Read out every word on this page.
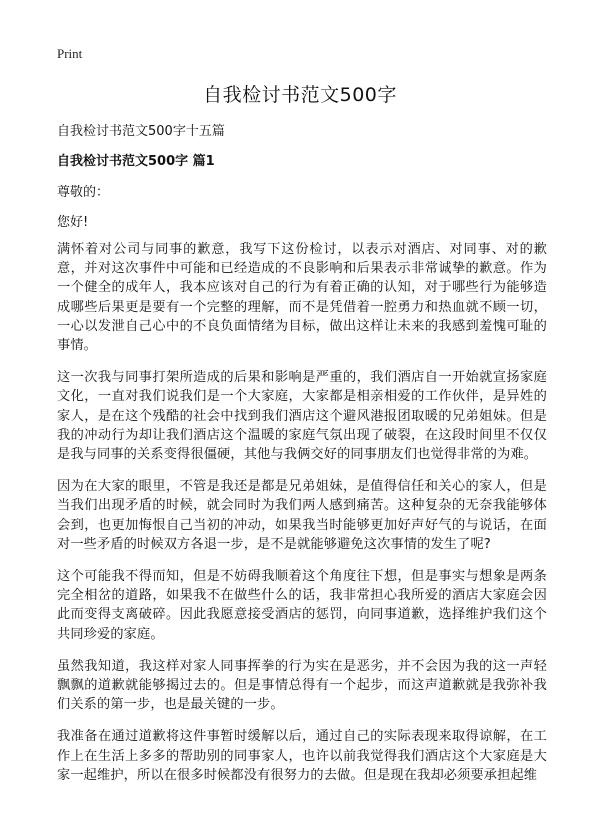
Print
自我检讨书范文500字

自我检讨书范文500字十五篇

自我检讨书范文500字 篇1

尊敬的：

您好!

满怀着对公司与同事的歉意，我写下这份检讨，以表示对酒店、对同事、对的歉意，并对这次事件中可能和已经造成的不良影响和后果表示非常诚挚的歉意。作为一个健全的成年人，我本应该对自己的行为有着正确的认知，对于哪些行为能够造成哪些后果更是要有一个完整的理解，而不是凭借着一腔勇力和热血就不顾一切，一心以发泄自己心中的不良负面情绪为目标，做出这样让未来的我感到羞愧可耻的事情。

这一次我与同事打架所造成的后果和影响是严重的，我们酒店自一开始就宣扬家庭文化，一直对我们说我们是一个大家庭，大家都是相亲相爱的工作伙伴，是异姓的家人，是在这个残酷的社会中找到我们酒店这个避风港报团取暖的兄弟姐妹。但是我的冲动行为却让我们酒店这个温暖的家庭气氛出现了破裂，在这段时间里不仅仅是我与同事的关系变得很僵硬，其他与我俩交好的同事朋友们也觉得非常的为难。

因为在大家的眼里，不管是我还是都是兄弟姐妹，是值得信任和关心的家人，但是当我们出现矛盾的时候，就会同时为我们两人感到痛苦。这种复杂的无奈我能够体会到，也更加悔恨自己当初的冲动，如果我当时能够更加好声好气的与说话，在面对一些矛盾的时候双方各退一步，是不是就能够避免这次事情的发生了呢?

这个可能我不得而知，但是不妨碍我顺着这个角度往下想，但是事实与想象是两条完全相岔的道路，如果我不在做些什么的话，我非常担心我所爱的酒店大家庭会因此而变得支离破碎。因此我愿意接受酒店的惩罚，向同事道歉，选择维护我们这个共同珍爱的家庭。

虽然我知道，我这样对家人同事挥拳的行为实在是恶劣，并不会因为我的这一声轻飘飘的道歉就能够揭过去的。但是事情总得有一个起步，而这声道歉就是我弥补我们关系的第一步，也是最关键的一步。

我准备在通过道歉将这件事暂时缓解以后，通过自己的实际表现来取得谅解，在工作上在生活上多多的帮助别的同事家人，也许以前我觉得我们酒店这个大家庭是大家一起维护，所以在很多时候都没有很努力的去做。但是现在我却必须要承担起维
